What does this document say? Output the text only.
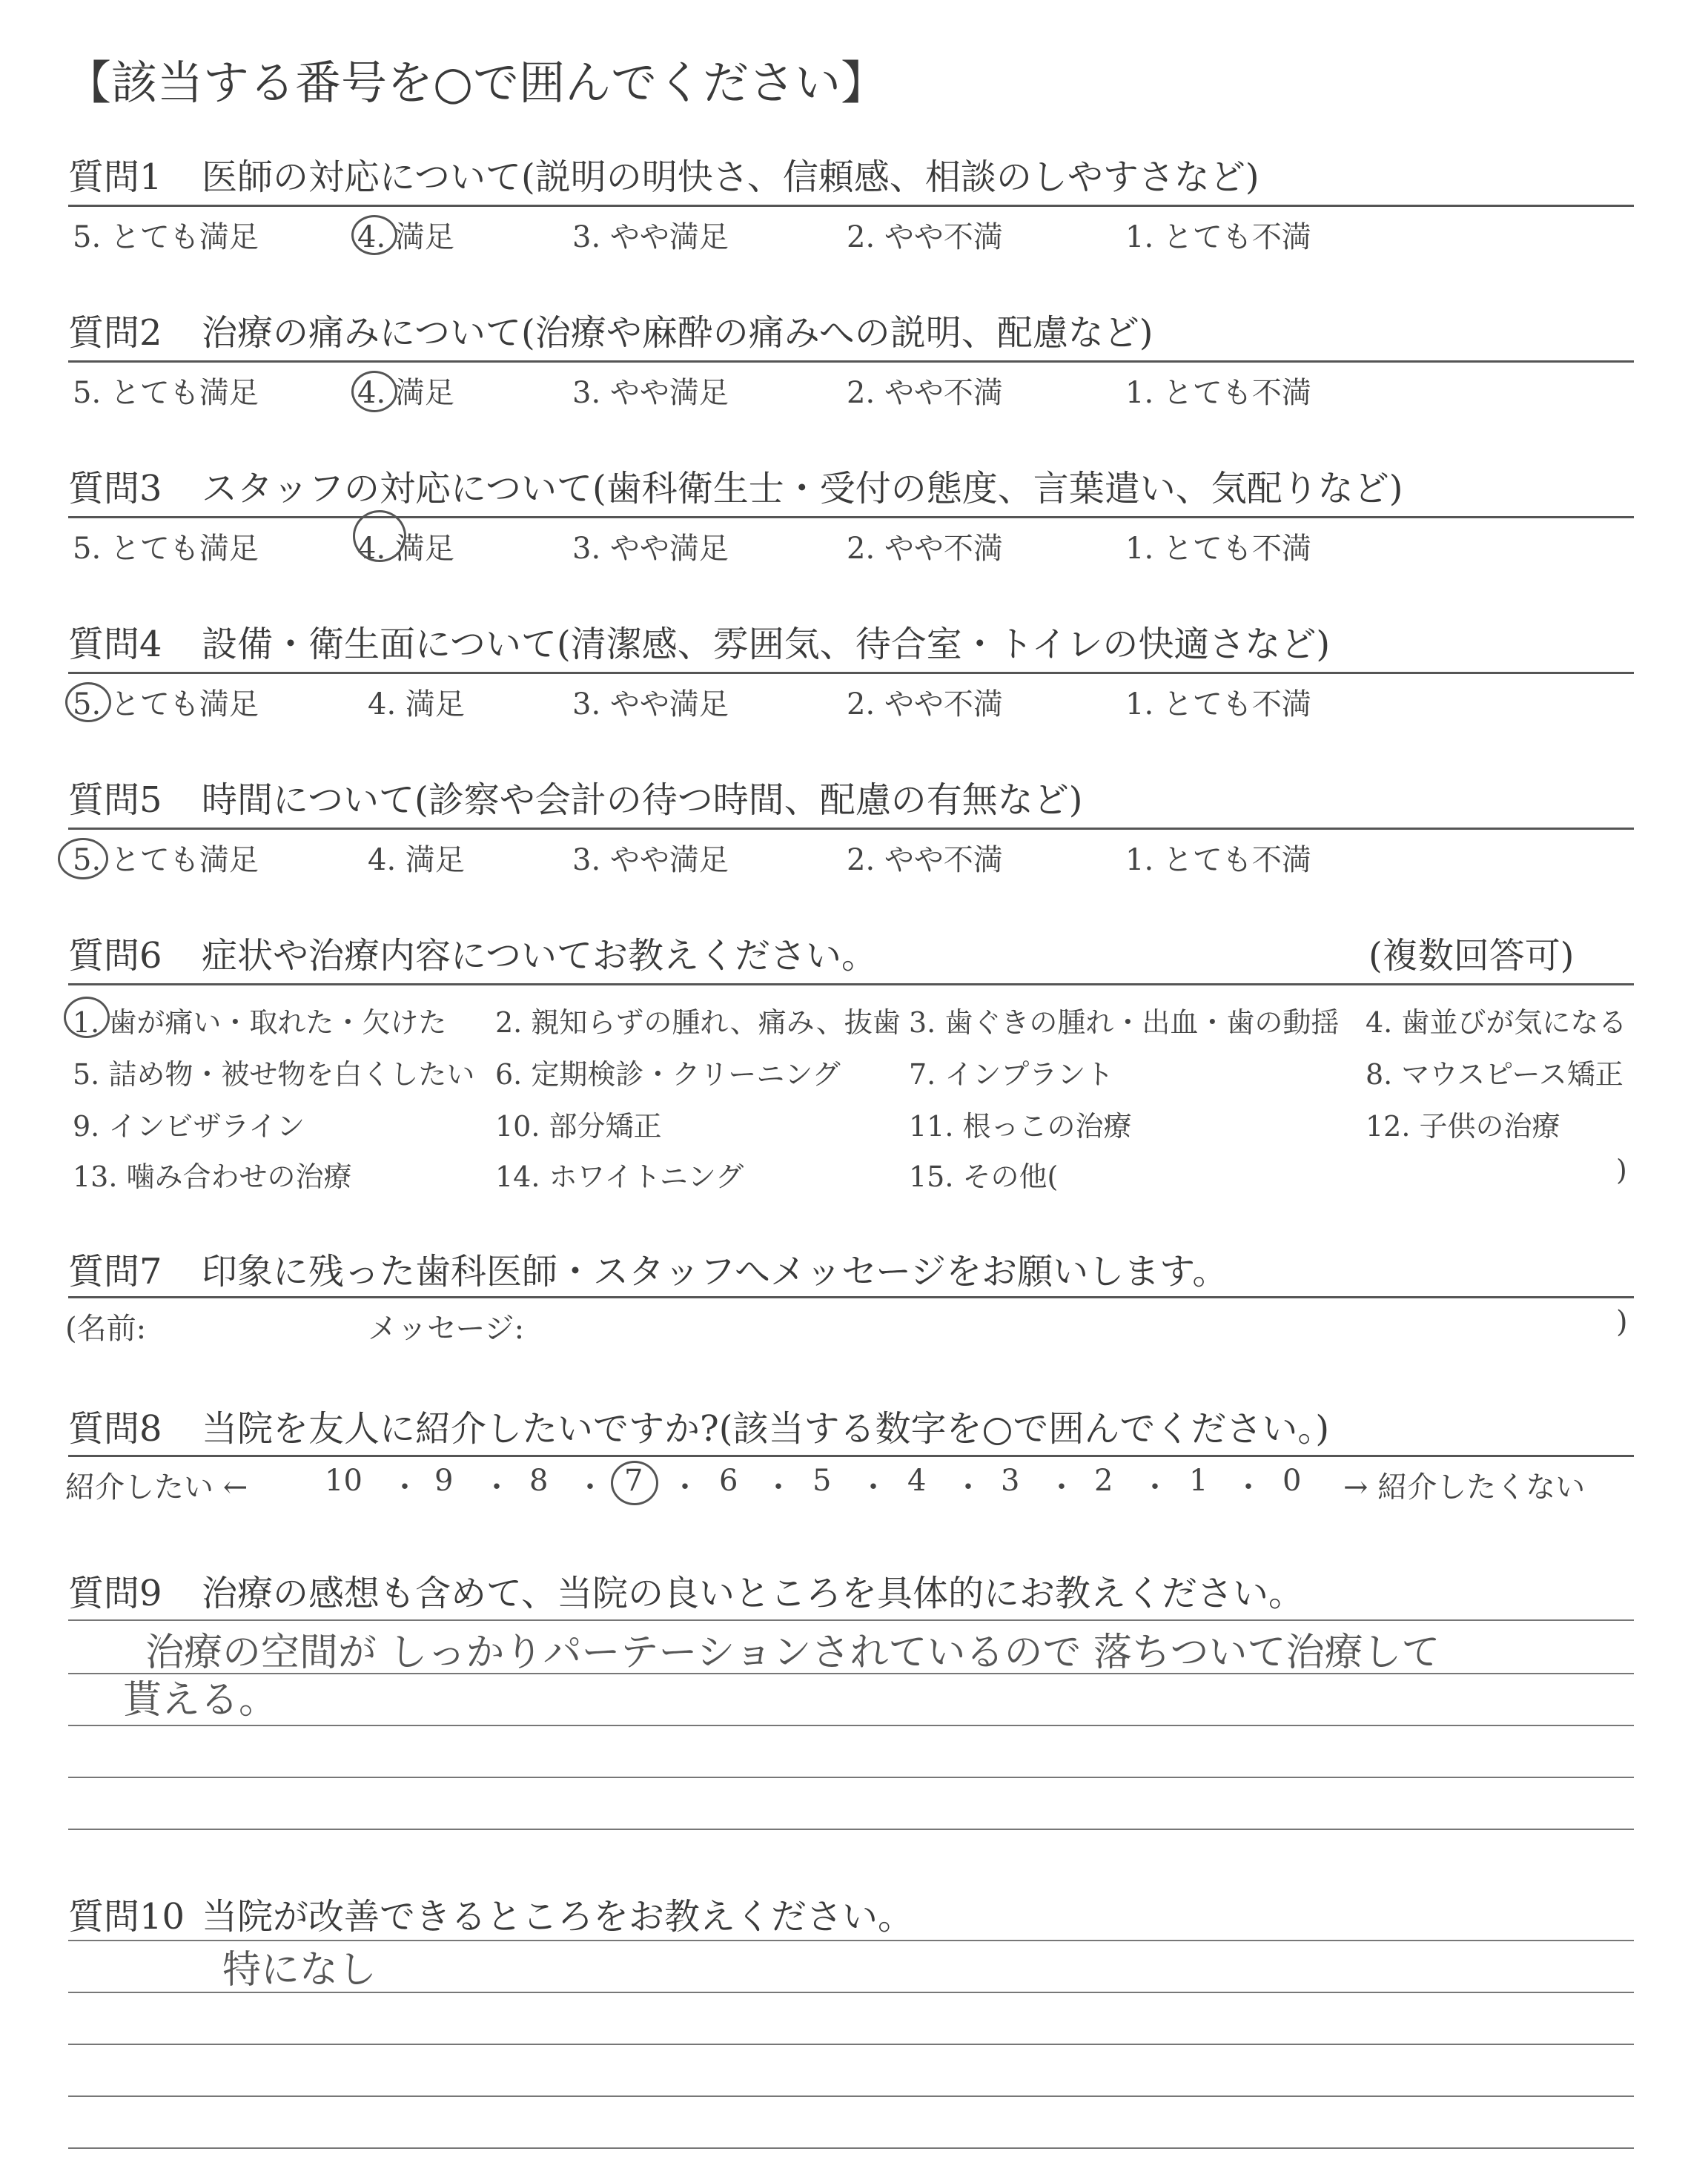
【該当する番号を○で囲んでください】
質問1 医師の対応について(説明の明快さ、信頼感、相談のしやすさなど)
5. とても満足	4. 満足	3. やや満足	2. やや不満	1. とても不満
質問2 治療の痛みについて(治療や麻酔の痛みへの説明、配慮など)
5. とても満足	4. 満足	3. やや満足	2. やや不満	1. とても不満
質問3 スタッフの対応について(歯科衛生士・受付の態度、言葉遣い、気配りなど)
5. とても満足	4. 満足	3. やや満足	2. やや不満	1. とても不満
質問4 設備・衛生面について(清潔感、雰囲気、待合室・トイレの快適さなど)
5. とても満足	4. 満足	3. やや満足	2. やや不満	1. とても不満
質問5 時間について(診察や会計の待つ時間、配慮の有無など)
5. とても満足	4. 満足	3. やや満足	2. やや不満	1. とても不満
質問6 症状や治療内容についてお教えください。	(複数回答可)
1. 歯が痛い・取れた・欠けた 2. 親知らずの腫れ、痛み、抜歯 3. 歯ぐきの腫れ・出血・歯の動揺 4. 歯並びが気になる
5. 詰め物・被せ物を白くしたい 6. 定期検診・クリーニング 7. インプラント	8. マウスピース矯正
9. インビザライン	10. 部分矯正	11. 根っこの治療	12. 子供の治療
13. 噛み合わせの治療	14. ホワイトニング	15. その他(	)
質問7 印象に残った歯科医師・スタッフへメッセージをお願いします。
(名前:	メッセージ:	)
質問8 当院を友人に紹介したいですか?(該当する数字を○で囲んでください。)
紹介したい ←	10 ・ 9 ・ 8 ・ 7 ・ 6 ・ 5 ・ 4 ・ 3 ・ 2 ・ 1 ・ 0 → 紹介したくない
質問9 治療の感想も含めて、当院の良いところを具体的にお教えください。
治療の空間が しっかりパーテーションされているので 落ちついて治療して
貰える。
質問10 当院が改善できるところをお教えください。
特になし
